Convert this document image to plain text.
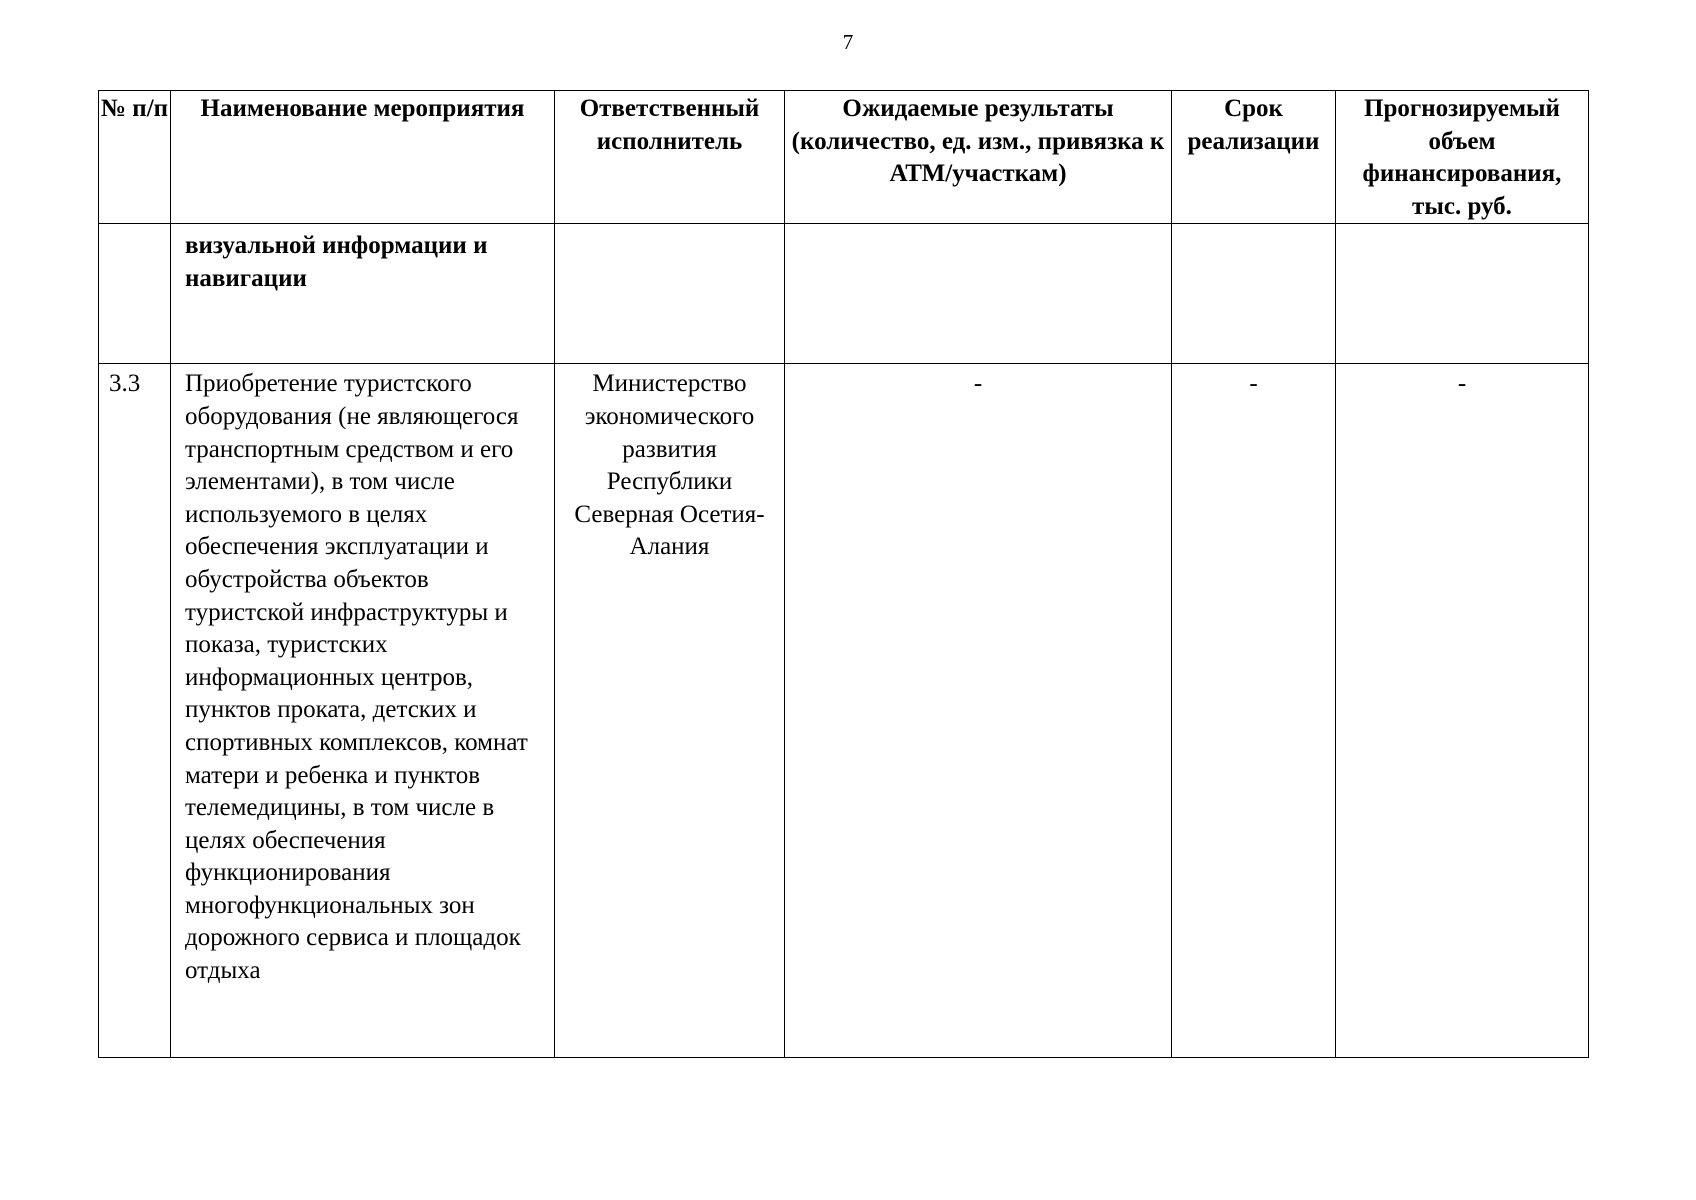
7
№ п/п	Наименование мероприятия	Ответственный исполнитель	Ожидаемые результаты (количество, ед. изм., привязка к АТМ/участкам)	Срок реализации	Прогнозируемый объем финансирования, тыс. руб.
	визуальной информации и навигации				
3.3	Приобретение туристского оборудования (не являющегося транспортным средством и его элементами), в том числе используемого в целях обеспечения эксплуатации и обустройства объектов туристской инфраструктуры и показа, туристских информационных центров, пунктов проката, детских и спортивных комплексов, комнат матери и ребенка и пунктов телемедицины, в том числе в целях обеспечения функционирования многофункциональных зон дорожного сервиса и площадок отдыха	Министерство экономического развития Республики Северная Осетия-Алания	-	-	-
